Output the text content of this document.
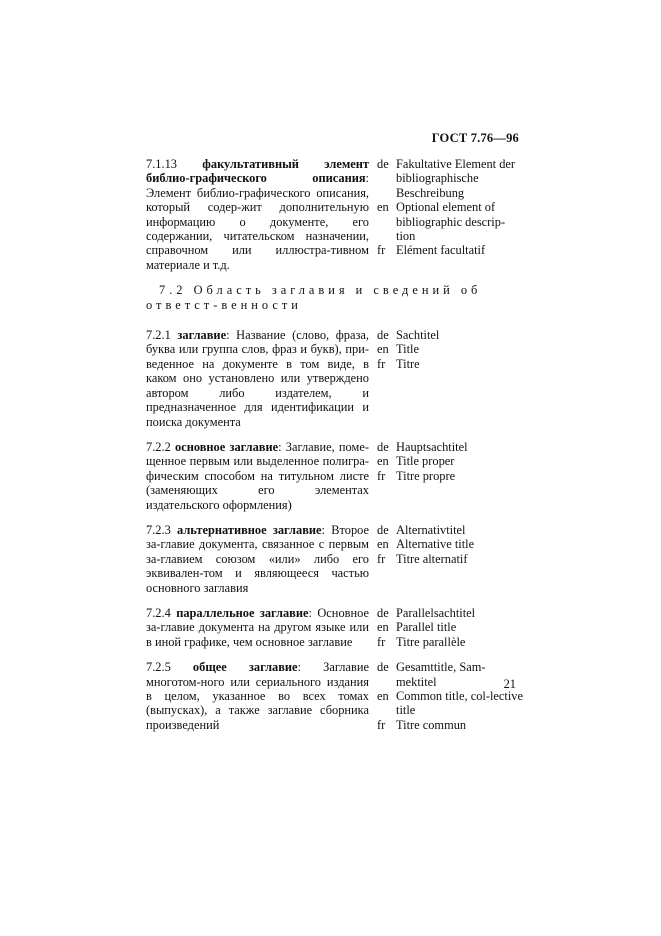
ГОСТ 7.76—96
7.1.13 факультативный элемент библио-графического описания: Элемент библио-графического описания, который содер-жит дополнительную информацию о документе, его содержании, читательском назначении, справочном или иллюстра-тивном материале и т.д.
de Fakultative Element der bibliographische Beschreibung
en Optional element of bibliographic descrip-tion
fr Elément facultatif
7.2 Область заглавия и сведений об ответст-венности
7.2.1 заглавие: Название (слово, фраза, буква или группа слов, фраз и букв), при-веденное на документе в том виде, в каком оно установлено или утверждено автором либо издателем, и предназначенное для идентификации и поиска документа
de Sachtitel
en Title
fr Titre
7.2.2 основное заглавие: Заглавие, поме-щенное первым или выделенное полигра-фическим способом на титульном листе (заменяющих его элементах издательского оформления)
de Hauptsachtitel
en Title proper
fr Titre propre
7.2.3 альтернативное заглавие: Второе за-главие документа, связанное с первым за-главием союзом «или» либо его эквивален-том и являющееся частью основного заглавия
de Alternativtitel
en Alternative title
fr Titre alternatif
7.2.4 параллельное заглавие: Основное за-главие документа на другом языке или в иной графике, чем основное заглавие
de Parallelsachtitel
en Parallel title
fr Titre parallèle
7.2.5 общее заглавие: Заглавие многотом-ного или сериального издания в целом, указанное во всех томах (выпусках), а также заглавие сборника произведений
de Gesamttitle, Sam-mektitel
en Common title, col-lective title
fr Titre commun
21
